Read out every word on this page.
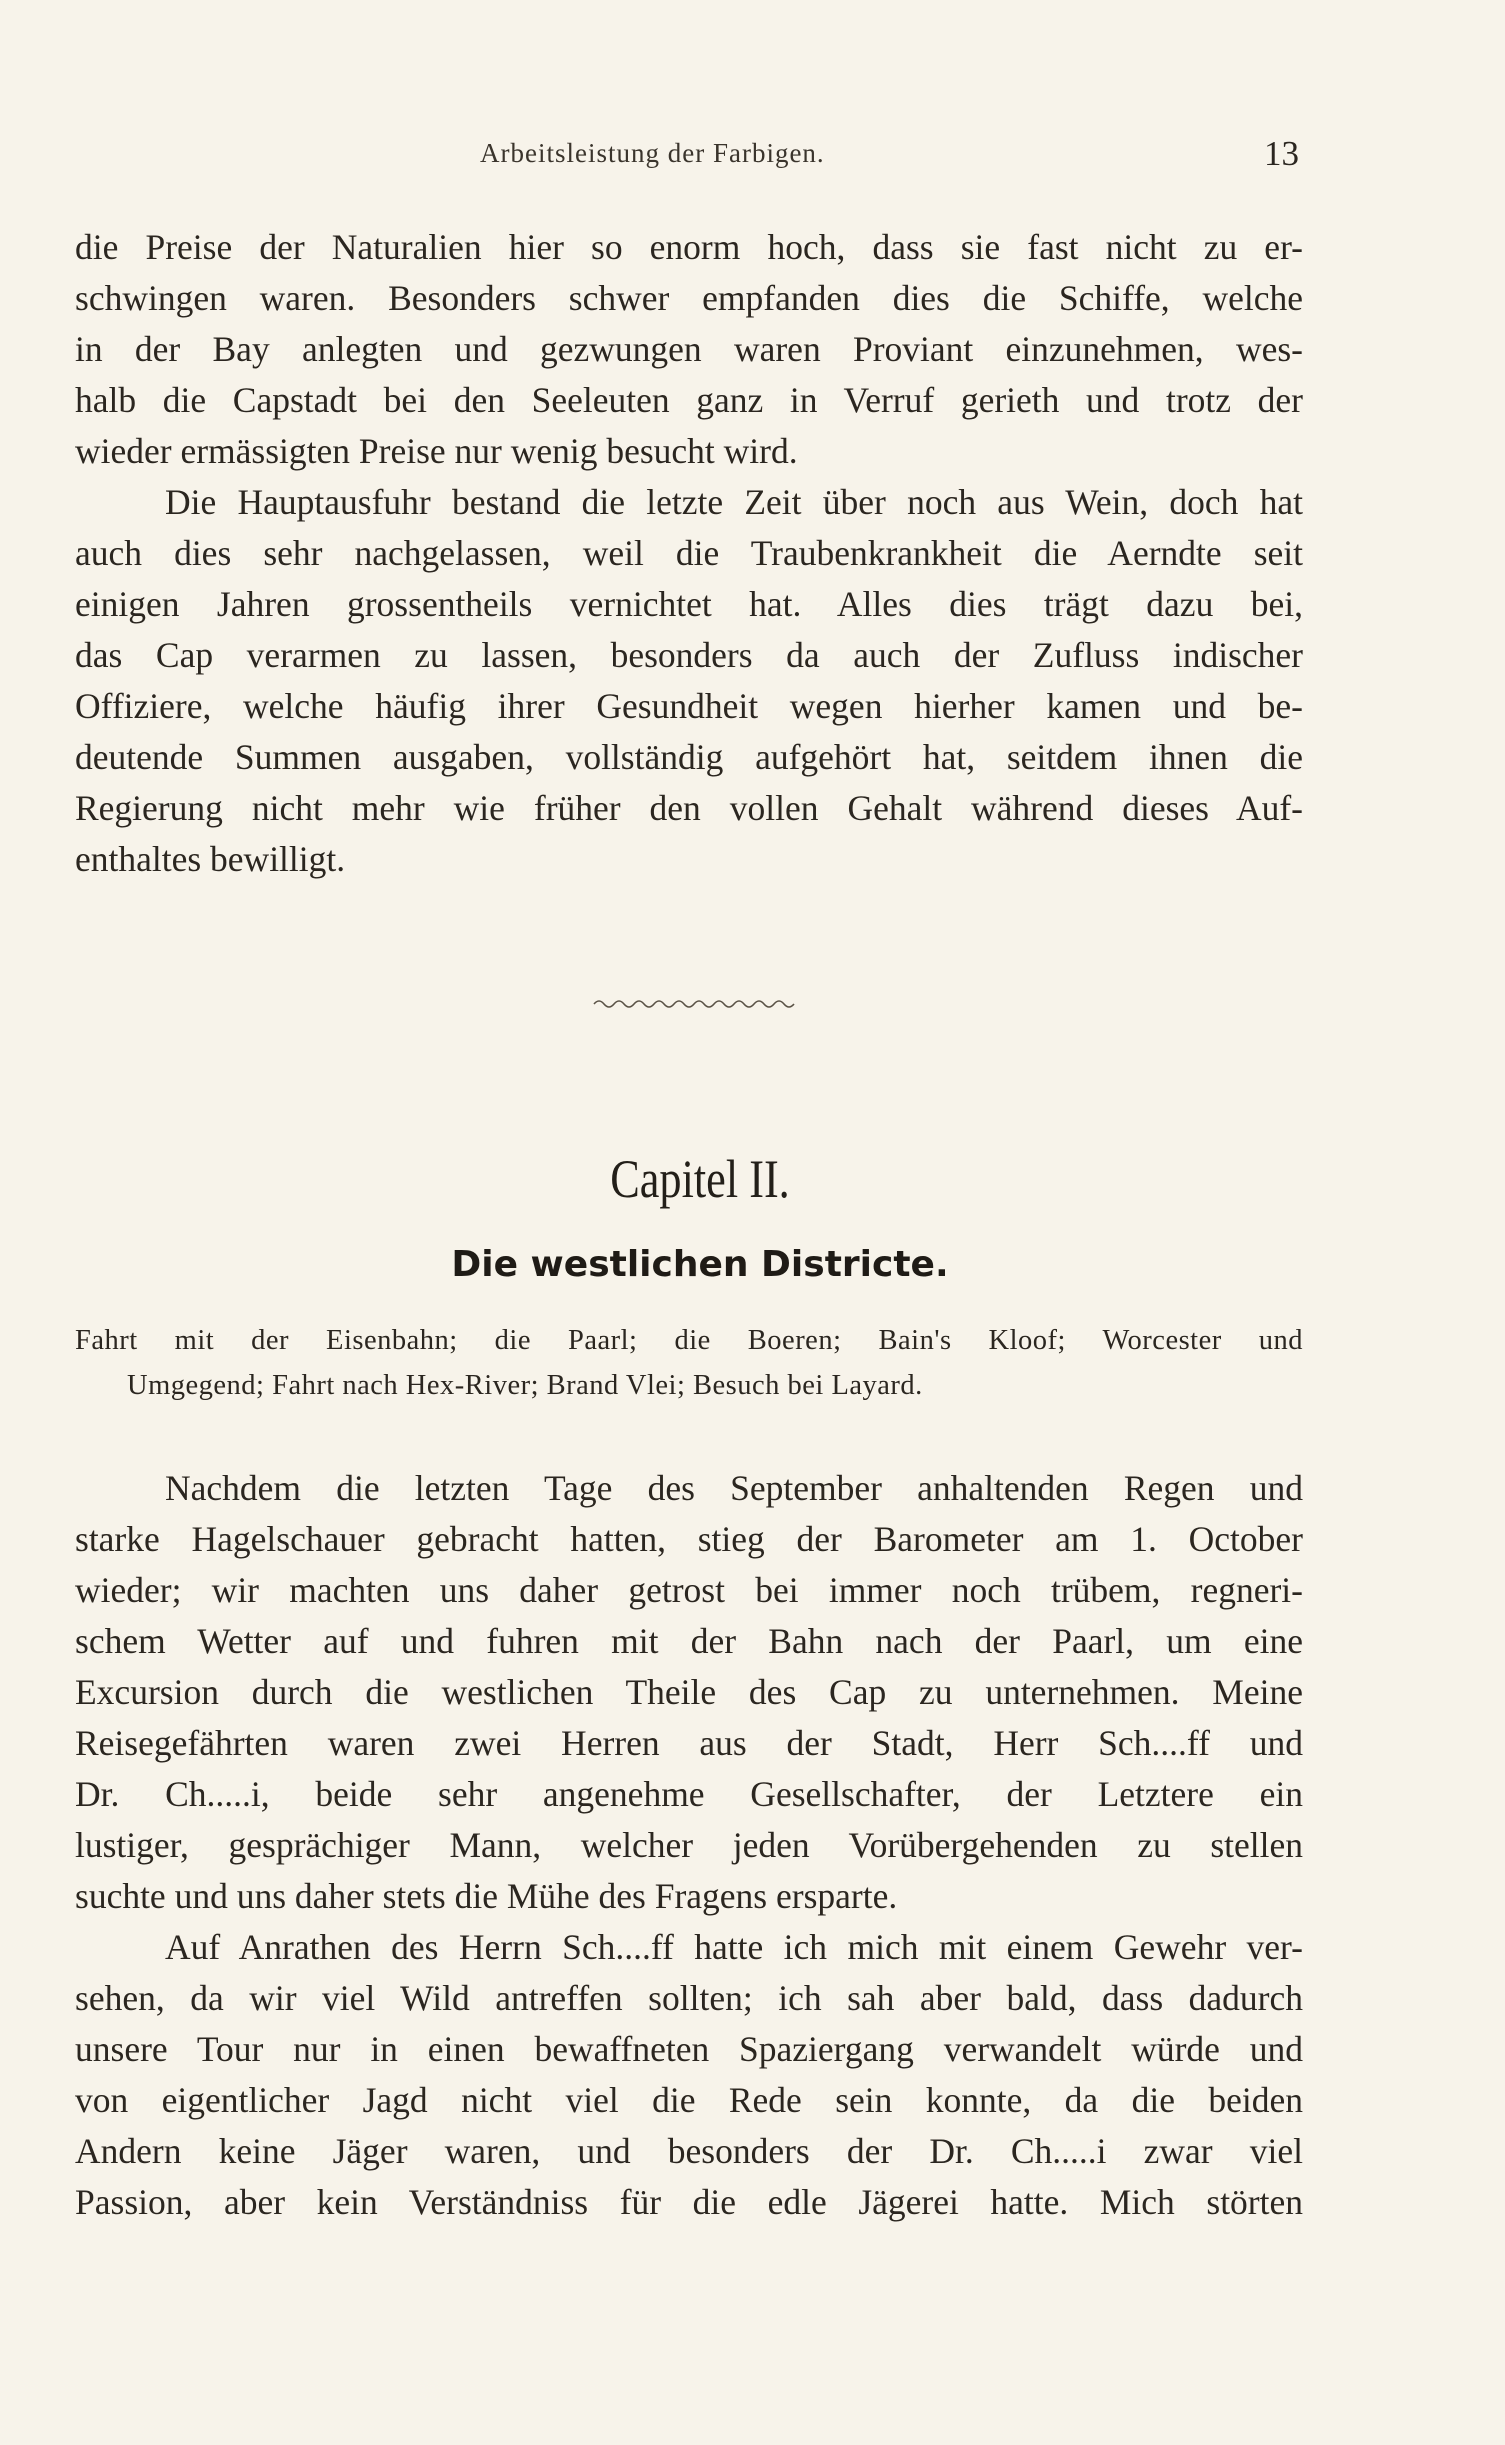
Arbeitsleistung der Farbigen.	13
die Preise der Naturalien hier so enorm hoch, dass sie fast nicht zu er-
schwingen waren. Besonders schwer empfanden dies die Schiffe, welche
in der Bay anlegten und gezwungen waren Proviant einzunehmen, wes-
halb die Capstadt bei den Seeleuten ganz in Verruf gerieth und trotz der
wieder ermässigten Preise nur wenig besucht wird.
Die Hauptausfuhr bestand die letzte Zeit über noch aus Wein, doch hat
auch dies sehr nachgelassen, weil die Traubenkrankheit die Aerndte seit
einigen Jahren grossentheils vernichtet hat. Alles dies trägt dazu bei,
das Cap verarmen zu lassen, besonders da auch der Zufluss indischer
Offiziere, welche häufig ihrer Gesundheit wegen hierher kamen und be-
deutende Summen ausgaben, vollständig aufgehört hat, seitdem ihnen die
Regierung nicht mehr wie früher den vollen Gehalt während dieses Auf-
enthaltes bewilligt.
Capitel II.
Die westlichen Districte.
Fahrt mit der Eisenbahn; die Paarl; die Boeren; Bain's Kloof; Worcester und
Umgegend; Fahrt nach Hex-River; Brand Vlei; Besuch bei Layard.
Nachdem die letzten Tage des September anhaltenden Regen und
starke Hagelschauer gebracht hatten, stieg der Barometer am 1. October
wieder; wir machten uns daher getrost bei immer noch trübem, regneri-
schem Wetter auf und fuhren mit der Bahn nach der Paarl, um eine
Excursion durch die westlichen Theile des Cap zu unternehmen. Meine
Reisegefährten waren zwei Herren aus der Stadt, Herr Sch....ff und
Dr. Ch.....i, beide sehr angenehme Gesellschafter, der Letztere ein
lustiger, gesprächiger Mann, welcher jeden Vorübergehenden zu stellen
suchte und uns daher stets die Mühe des Fragens ersparte.
Auf Anrathen des Herrn Sch....ff hatte ich mich mit einem Gewehr ver-
sehen, da wir viel Wild antreffen sollten; ich sah aber bald, dass dadurch
unsere Tour nur in einen bewaffneten Spaziergang verwandelt würde und
von eigentlicher Jagd nicht viel die Rede sein konnte, da die beiden
Andern keine Jäger waren, und besonders der Dr. Ch.....i zwar viel
Passion, aber kein Verständniss für die edle Jägerei hatte. Mich störten
